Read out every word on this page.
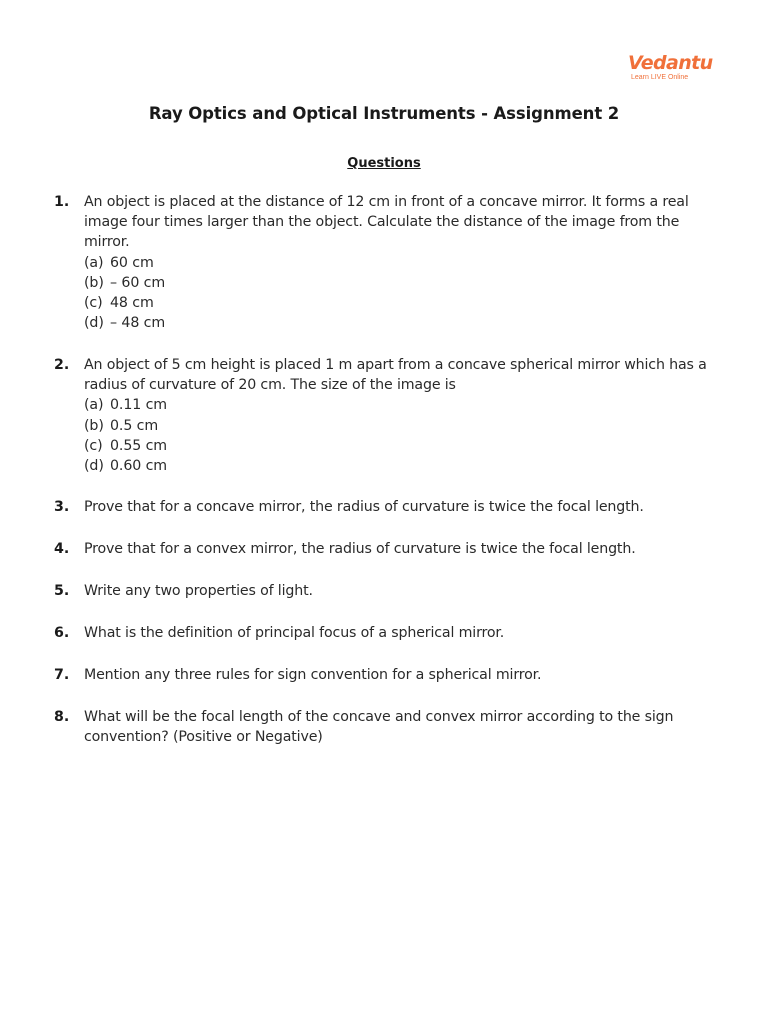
Vedantu
Learn LIVE Online
Ray Optics and Optical Instruments - Assignment 2
Questions
1.	An object is placed at the distance of 12 cm in front of a concave mirror. It forms a real image four times larger than the object. Calculate the distance of the image from the mirror.
(a) 60 cm
(b) – 60 cm
(c) 48 cm
(d) – 48 cm
2.	An object of 5 cm height is placed 1 m apart from a concave spherical mirror which has a radius of curvature of 20 cm. The size of the image is
(a) 0.11 cm
(b) 0.5 cm
(c) 0.55 cm
(d) 0.60 cm
3.	Prove that for a concave mirror, the radius of curvature is twice the focal length.
4.	Prove that for a convex mirror, the radius of curvature is twice the focal length.
5.	Write any two properties of light.
6.	What is the definition of principal focus of a spherical mirror.
7.	Mention any three rules for sign convention for a spherical mirror.
8.	What will be the focal length of the concave and convex mirror according to the sign convention? (Positive or Negative)
